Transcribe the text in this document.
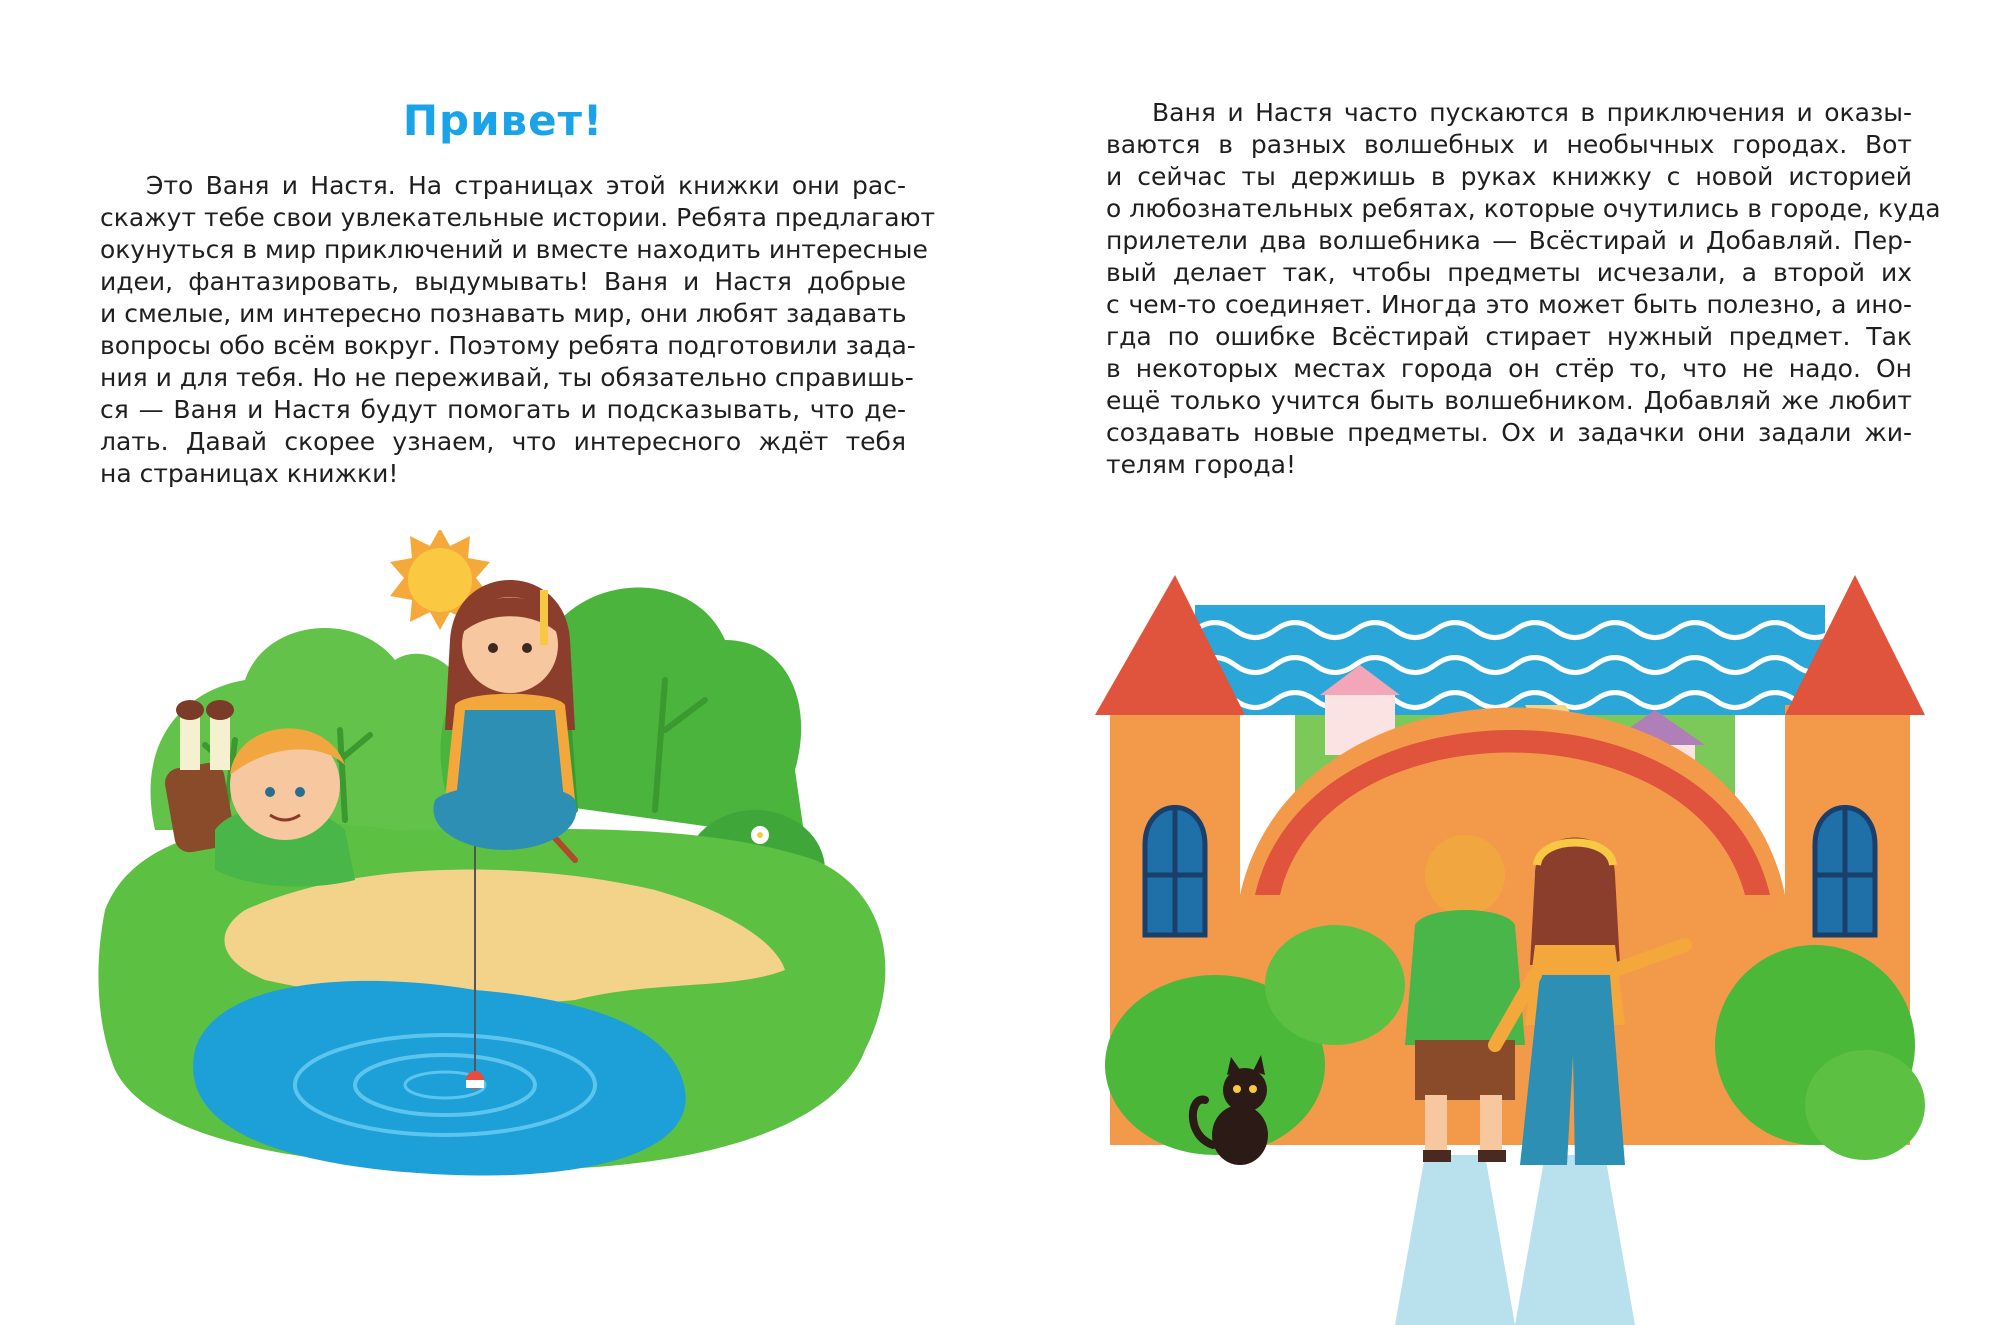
Привет!
Это Ваня и Настя. На страницах этой книжки они рас-
скажут тебе свои увлекательные истории. Ребята предлагают
окунуться в мир приключений и вместе находить интересные
идеи, фантазировать, выдумывать! Ваня и Настя добрые
и смелые, им интересно познавать мир, они любят задавать
вопросы обо всём вокруг. Поэтому ребята подготовили зада-
ния и для тебя. Но не переживай, ты обязательно справишь-
ся — Ваня и Настя будут помогать и подсказывать, что де-
лать. Давай скорее узнаем, что интересного ждёт тебя
на страницах книжки!
Ваня и Настя часто пускаются в приключения и оказы-
ваются в разных волшебных и необычных городах. Вот
и сейчас ты держишь в руках книжку с новой историей
о любознательных ребятах, которые очутились в городе, куда
прилетели два волшебника — Всёстирай и Добавляй. Пер-
вый делает так, чтобы предметы исчезали, а второй их
с чем-то соединяет. Иногда это может быть полезно, а ино-
гда по ошибке Всёстирай стирает нужный предмет. Так
в некоторых местах города он стёр то, что не надо. Он
ещё только учится быть волшебником. Добавляй же любит
создавать новые предметы. Ох и задачки они задали жи-
телям города!
